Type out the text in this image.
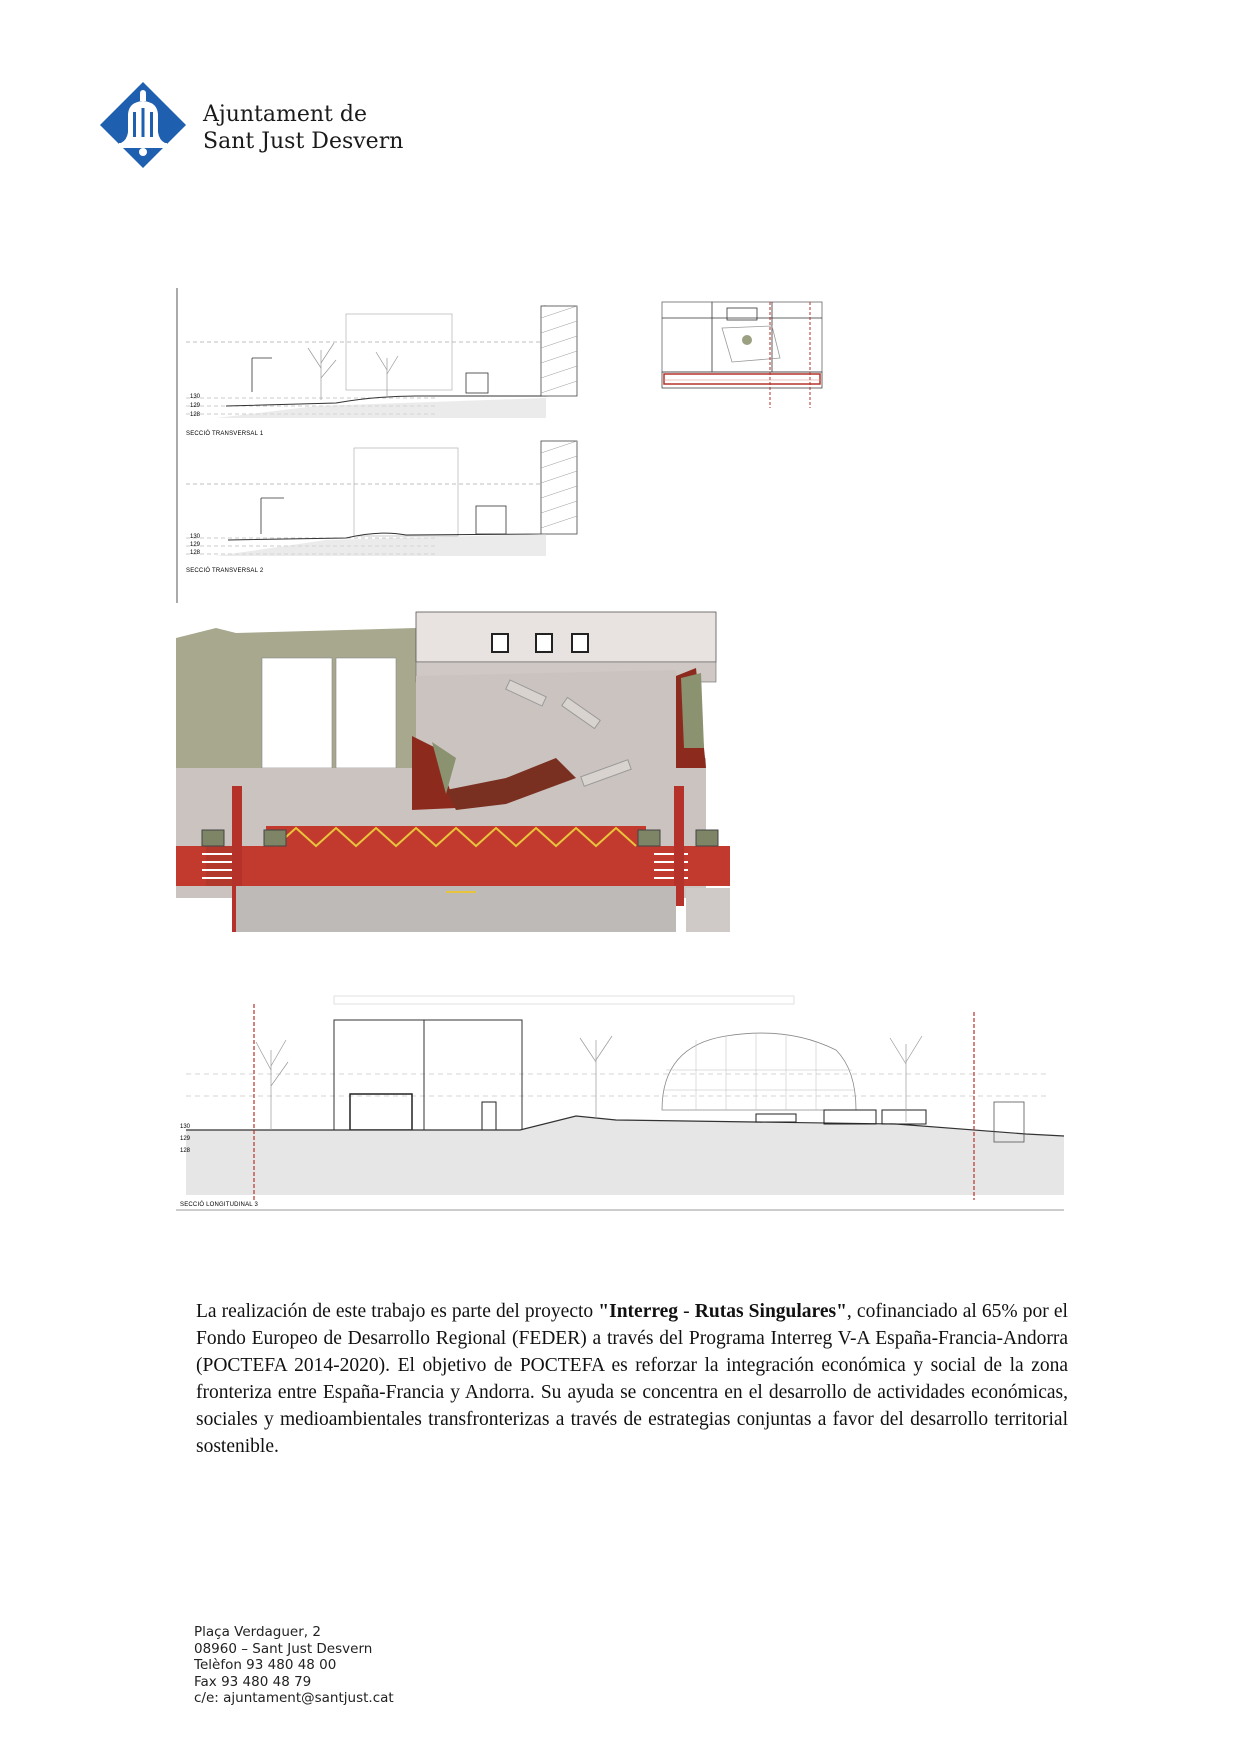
Ajuntament de
Sant Just Desvern
SECCIÓ TRANSVERSAL 1
SECCIÓ TRANSVERSAL 2
130
129
128
130
129
128
130
129
128
SECCIÓ LONGITUDINAL 3

La realización de este trabajo es parte del proyecto "Interreg - Rutas Singulares", cofinanciado al 65% por el Fondo Europeo de Desarrollo Regional (FEDER) a través del Programa Interreg V-A España-Francia-Andorra (POCTEFA 2014-2020). El objetivo de POCTEFA es reforzar la integración económica y social de la zona fronteriza entre España-Francia y Andorra. Su ayuda se concentra en el desarrollo de actividades económicas, sociales y medioambientales transfronterizas a través de estrategias conjuntas a favor del desarrollo territorial sostenible.

Plaça Verdaguer, 2
08960 – Sant Just Desvern
Telèfon 93 480 48 00
Fax 93 480 48 79
c/e: ajuntament@santjust.cat
